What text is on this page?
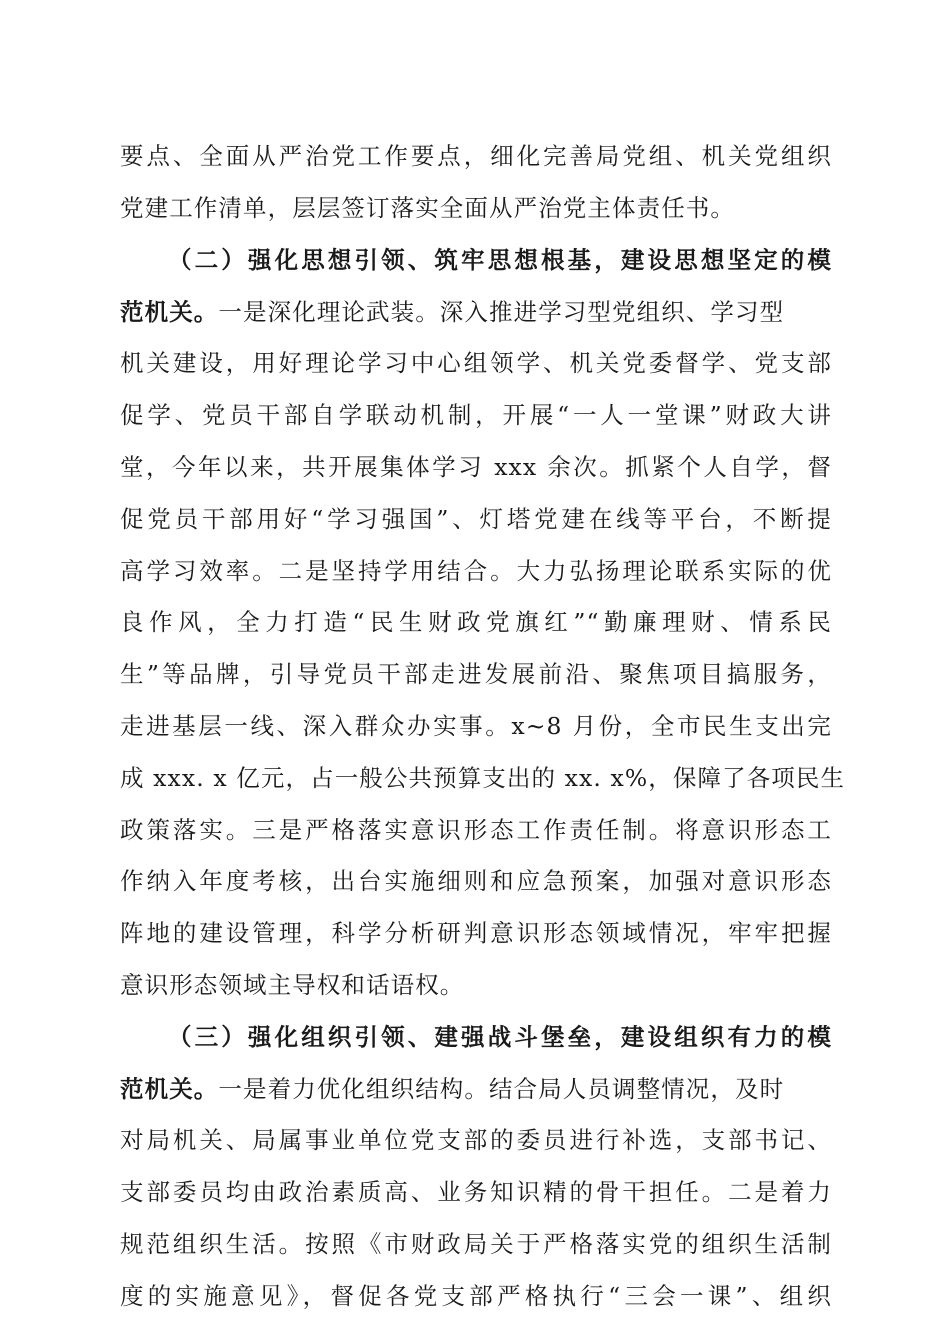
要点、全面从严治党工作要点，细化完善局党组、机关党组织
党建工作清单，层层签订落实全面从严治党主体责任书。
（二）强化思想引领、筑牢思想根基，建设思想坚定的模
范机关。一是深化理论武装。深入推进学习型党组织、学习型
机关建设，用好理论学习中心组领学、机关党委督学、党支部
促学、党员干部自学联动机制，开展“一人一堂课”财政大讲
堂，今年以来，共开展集体学习 xxx 余次。抓紧个人自学，督
促党员干部用好“学习强国”、灯塔党建在线等平台，不断提
高学习效率。二是坚持学用结合。大力弘扬理论联系实际的优
良作风，全力打造“民生财政党旗红”“勤廉理财、情系民
生”等品牌，引导党员干部走进发展前沿、聚焦项目搞服务，
走进基层一线、深入群众办实事。x~8 月份，全市民生支出完
成 xxx. x 亿元，占一般公共预算支出的 xx. x%，保障了各项民生
政策落实。三是严格落实意识形态工作责任制。将意识形态工
作纳入年度考核，出台实施细则和应急预案，加强对意识形态
阵地的建设管理，科学分析研判意识形态领域情况，牢牢把握
意识形态领域主导权和话语权。
（三）强化组织引领、建强战斗堡垒，建设组织有力的模
范机关。一是着力优化组织结构。结合局人员调整情况，及时
对局机关、局属事业单位党支部的委员进行补选，支部书记、
支部委员均由政治素质高、业务知识精的骨干担任。二是着力
规范组织生活。按照《市财政局关于严格落实党的组织生活制
度的实施意见》，督促各党支部严格执行“三会一课”、组织
